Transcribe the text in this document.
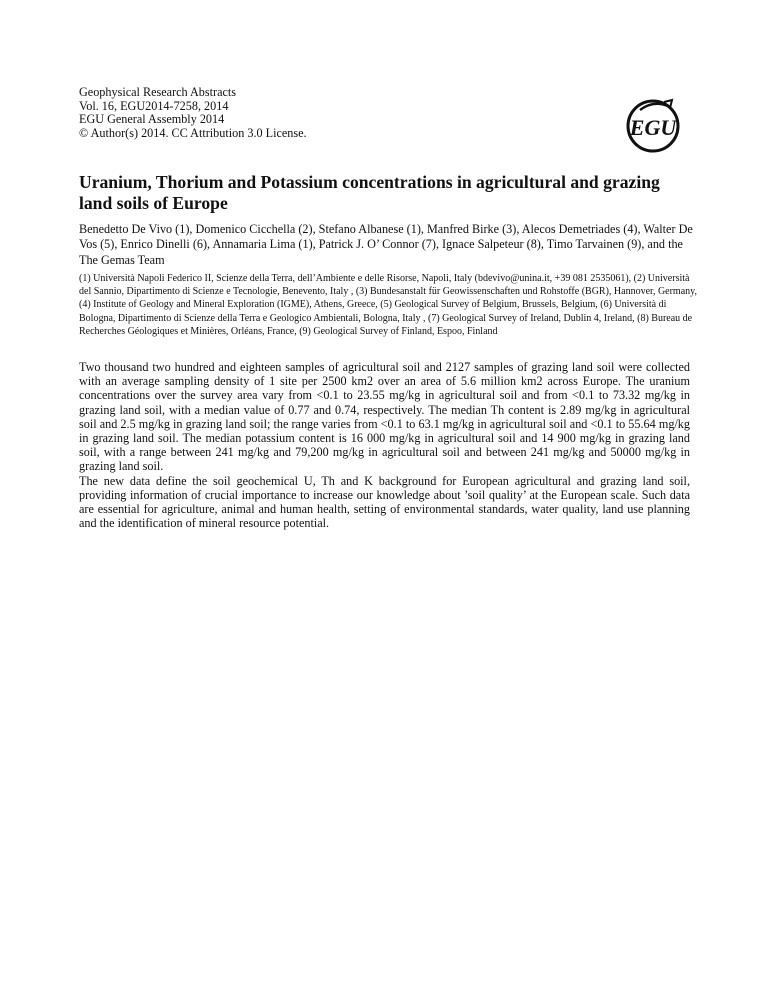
Geophysical Research Abstracts
Vol. 16, EGU2014-7258, 2014
EGU General Assembly 2014
© Author(s) 2014. CC Attribution 3.0 License.	EGU
Uranium, Thorium and Potassium concentrations in agricultural and grazing land soils of Europe
Benedetto De Vivo (1), Domenico Cicchella (2), Stefano Albanese (1), Manfred Birke (3), Alecos Demetriades (4), Walter De Vos (5), Enrico Dinelli (6), Annamaria Lima (1), Patrick J. O’ Connor (7), Ignace Salpeteur (8), Timo Tarvainen (9), and the The Gemas Team
(1) Università Napoli Federico II, Scienze della Terra, dell’Ambiente e delle Risorse, Napoli, Italy (bdevivo@unina.it, +39 081 2535061), (2) Università del Sannio, Dipartimento di Scienze e Tecnologie, Benevento, Italy , (3) Bundesanstalt für Geowissenschaften und Rohstoffe (BGR), Hannover, Germany, (4) Institute of Geology and Mineral Exploration (IGME), Athens, Greece, (5) Geological Survey of Belgium, Brussels, Belgium, (6) Università di Bologna, Dipartimento di Scienze della Terra e Geologico Ambientali, Bologna, Italy , (7) Geological Survey of Ireland, Dublin 4, Ireland, (8) Bureau de Recherches Géologiques et Minières, Orléans, France, (9) Geological Survey of Finland, Espoo, Finland

Two thousand two hundred and eighteen samples of agricultural soil and 2127 samples of grazing land soil were collected with an average sampling density of 1 site per 2500 km2 over an area of 5.6 million km2 across Europe. The uranium concentrations over the survey area vary from <0.1 to 23.55 mg/kg in agricultural soil and from <0.1 to 73.32 mg/kg in grazing land soil, with a median value of 0.77 and 0.74, respectively. The median Th content is 2.89 mg/kg in agricultural soil and 2.5 mg/kg in grazing land soil; the range varies from <0.1 to 63.1 mg/kg in agricultural soil and <0.1 to 55.64 mg/kg in grazing land soil. The median potassium content is 16 000 mg/kg in agricultural soil and 14 900 mg/kg in grazing land soil, with a range between 241 mg/kg and 79,200 mg/kg in agricultural soil and between 241 mg/kg and 50000 mg/kg in grazing land soil.

The new data define the soil geochemical U, Th and K background for European agricultural and grazing land soil, providing information of crucial importance to increase our knowledge about ’soil quality’ at the European scale. Such data are essential for agriculture, animal and human health, setting of environmental standards, water quality, land use planning and the identification of mineral resource potential.
